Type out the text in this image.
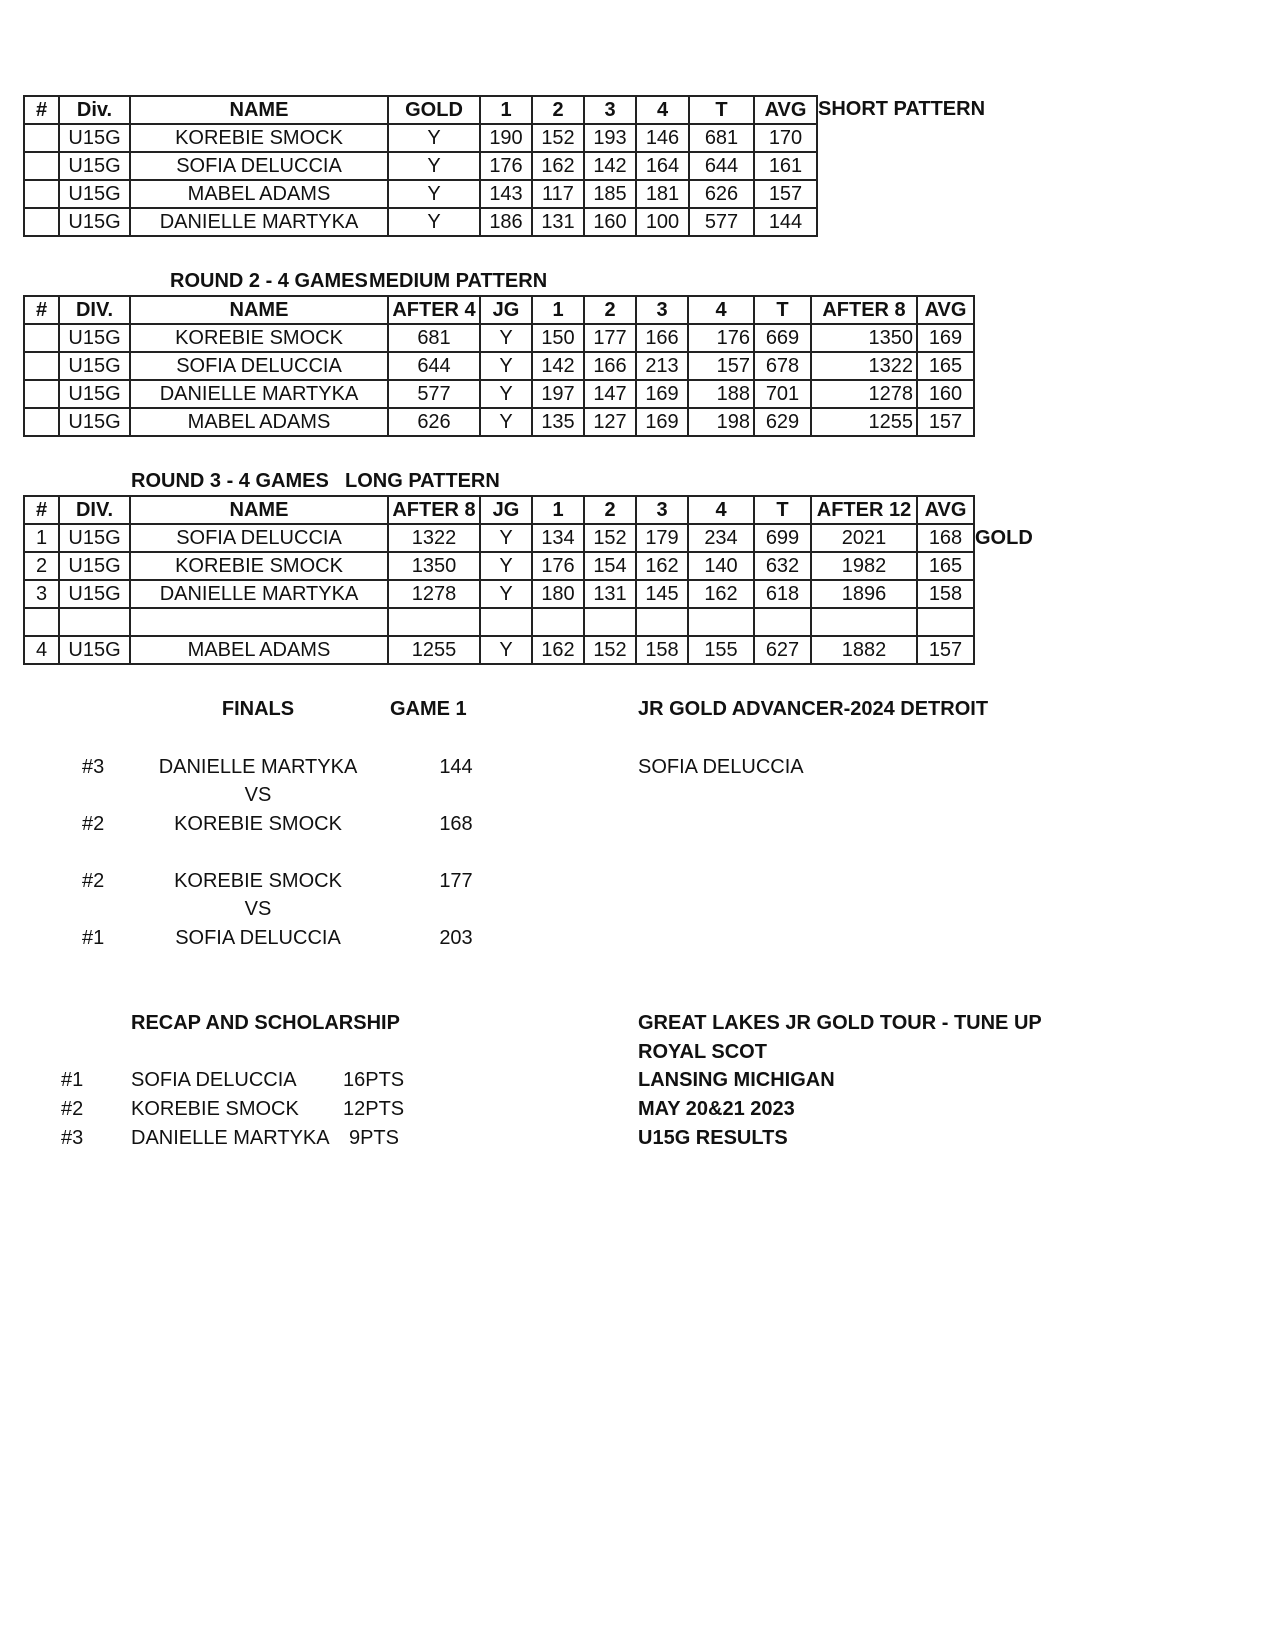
#	Div.	NAME	GOLD	1	2	3	4	T	AVG
	U15G	KOREBIE SMOCK	Y	190	152	193	146	681	170
	U15G	SOFIA DELUCCIA	Y	176	162	142	164	644	161
	U15G	MABEL ADAMS	Y	143	117	185	181	626	157
	U15G	DANIELLE MARTYKA	Y	186	131	160	100	577	144
SHORT PATTERN
ROUND 2 - 4 GAMES MEDIUM PATTERN
#	DIV.	NAME	AFTER 4	JG	1	2	3	4	T	AFTER 8	AVG
	U15G	KOREBIE SMOCK	681	Y	150	177	166	176	669	1350	169
	U15G	SOFIA DELUCCIA	644	Y	142	166	213	157	678	1322	165
	U15G	DANIELLE MARTYKA	577	Y	197	147	169	188	701	1278	160
	U15G	MABEL ADAMS	626	Y	135	127	169	198	629	1255	157
ROUND 3 - 4 GAMES LONG PATTERN
#	DIV.	NAME	AFTER 8	JG	1	2	3	4	T	AFTER 12	AVG
1	U15G	SOFIA DELUCCIA	1322	Y	134	152	179	234	699	2021	168
2	U15G	KOREBIE SMOCK	1350	Y	176	154	162	140	632	1982	165
3	U15G	DANIELLE MARTYKA	1278	Y	180	131	145	162	618	1896	158

4	U15G	MABEL ADAMS	1255	Y	162	152	158	155	627	1882	157
GOLD
FINALS	GAME 1
#3	DANIELLE MARTYKA	144
VS
#2	KOREBIE SMOCK	168
#2	KOREBIE SMOCK	177
VS
#1	SOFIA DELUCCIA	203
JR GOLD ADVANCER-2024 DETROIT
SOFIA DELUCCIA
RECAP AND SCHOLARSHIP
#1 SOFIA DELUCCIA 16PTS
#2 KOREBIE SMOCK 12PTS
#3 DANIELLE MARTYKA 9PTS
GREAT LAKES JR GOLD TOUR - TUNE UP
ROYAL SCOT
LANSING MICHIGAN
MAY 20&21 2023
U15G RESULTS
